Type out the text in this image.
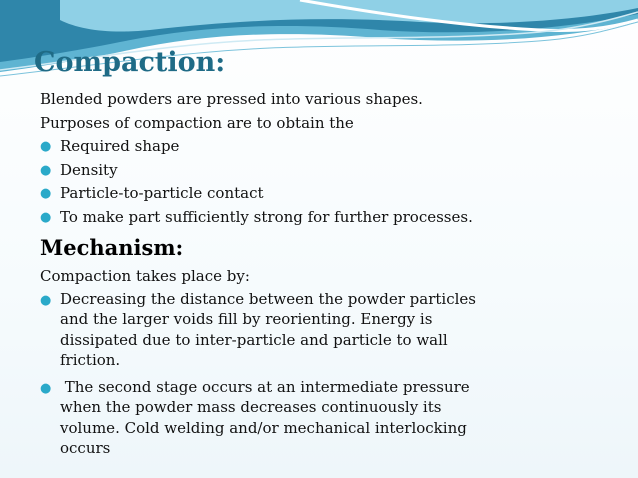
Compaction:

Blended powders are pressed into various shapes.

Purposes of compaction are to obtain the

● Required shape
● Density
● Particle-to-particle contact
● To make part sufficiently strong for further processes.
Mechanism:

Compaction takes place by:

● Decreasing the distance between the powder particles
and the larger voids fill by reorienting. Energy is
dissipated due to inter-particle and particle to wall
friction.
● The second stage occurs at an intermediate pressure
when the powder mass decreases continuously its
volume. Cold welding and/or mechanical interlocking
occurs
